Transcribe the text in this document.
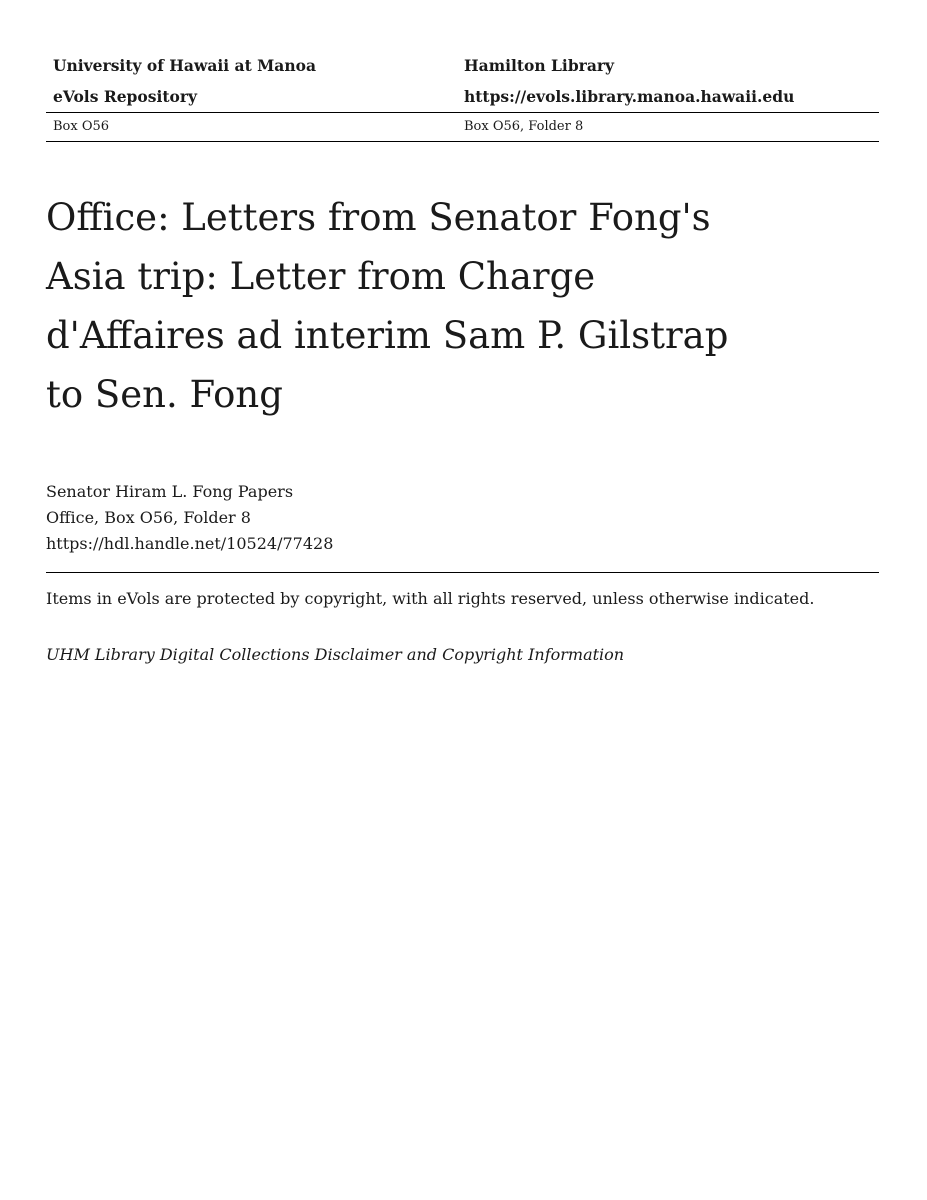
University of Hawaii at Manoa	Hamilton Library
eVols Repository	https://evols.library.manoa.hawaii.edu
Box O56	Box O56, Folder 8
Office: Letters from Senator Fong's Asia trip: Letter from Charge d'Affaires ad interim Sam P. Gilstrap to Sen. Fong
Senator Hiram L. Fong Papers
Office, Box O56, Folder 8
https://hdl.handle.net/10524/77428
Items in eVols are protected by copyright, with all rights reserved, unless otherwise indicated.
UHM Library Digital Collections Disclaimer and Copyright Information
